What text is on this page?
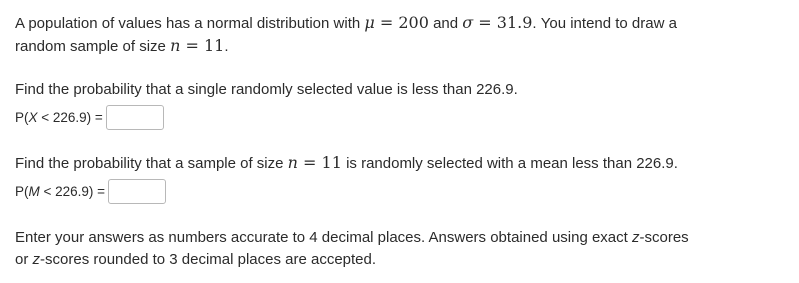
A population of values has a normal distribution with μ = 200 and σ = 31.9. You intend to draw a

random sample of size n = 11.

Find the probability that a single randomly selected value is less than 226.9.

P(X < 226.9) =

Find the probability that a sample of size n = 11 is randomly selected with a mean less than 226.9.

P(M < 226.9) =

Enter your answers as numbers accurate to 4 decimal places. Answers obtained using exact z-scores

or z-scores rounded to 3 decimal places are accepted.
